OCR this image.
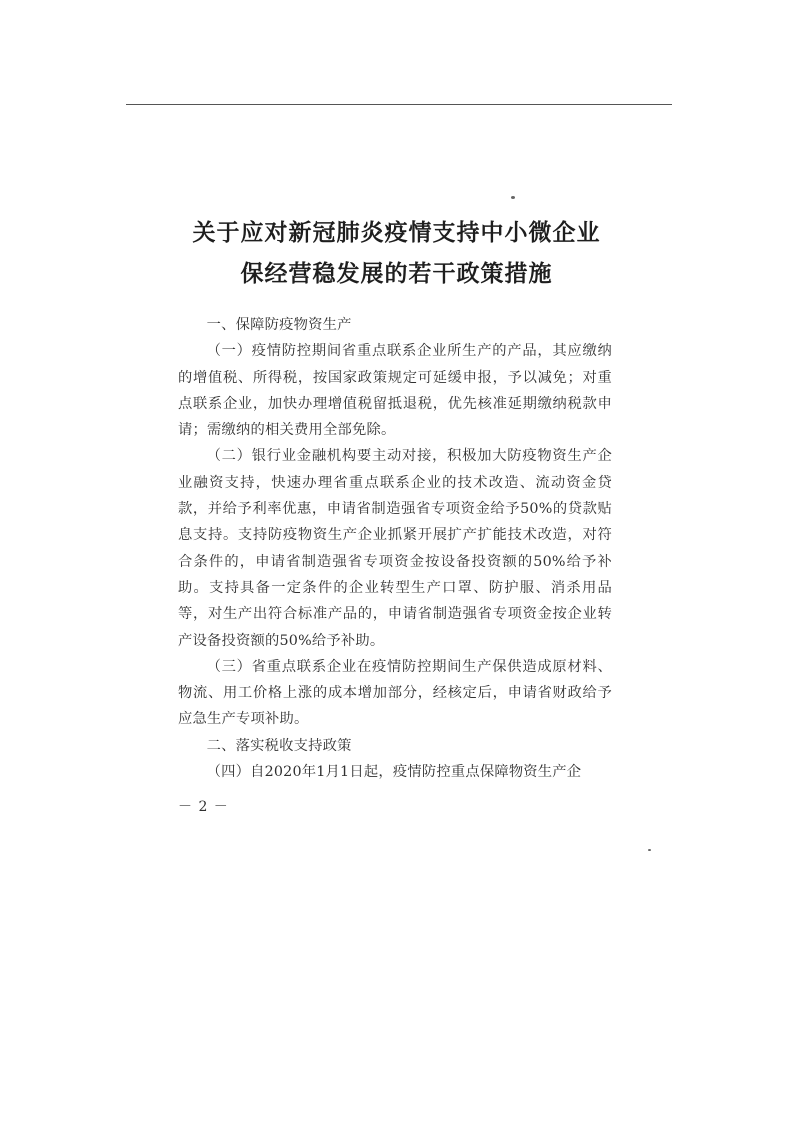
关于应对新冠肺炎疫情支持中小微企业
保经营稳发展的若干政策措施

一、保障防疫物资生产

（一）疫情防控期间省重点联系企业所生产的产品，其应缴纳的增值税、所得税，按国家政策规定可延缓申报，予以减免；对重点联系企业，加快办理增值税留抵退税，优先核准延期缴纳税款申请；需缴纳的相关费用全部免除。

（二）银行业金融机构要主动对接，积极加大防疫物资生产企业融资支持，快速办理省重点联系企业的技术改造、流动资金贷款，并给予利率优惠，申请省制造强省专项资金给予50%的贷款贴息支持。支持防疫物资生产企业抓紧开展扩产扩能技术改造，对符合条件的，申请省制造强省专项资金按设备投资额的50%给予补助。支持具备一定条件的企业转型生产口罩、防护服、消杀用品等，对生产出符合标准产品的，申请省制造强省专项资金按企业转产设备投资额的50%给予补助。

（三）省重点联系企业在疫情防控期间生产保供造成原材料、物流、用工价格上涨的成本增加部分，经核定后，申请省财政给予应急生产专项补助。

二、落实税收支持政策

（四）自2020年1月1日起，疫情防控重点保障物资生产企

－ 2 －
